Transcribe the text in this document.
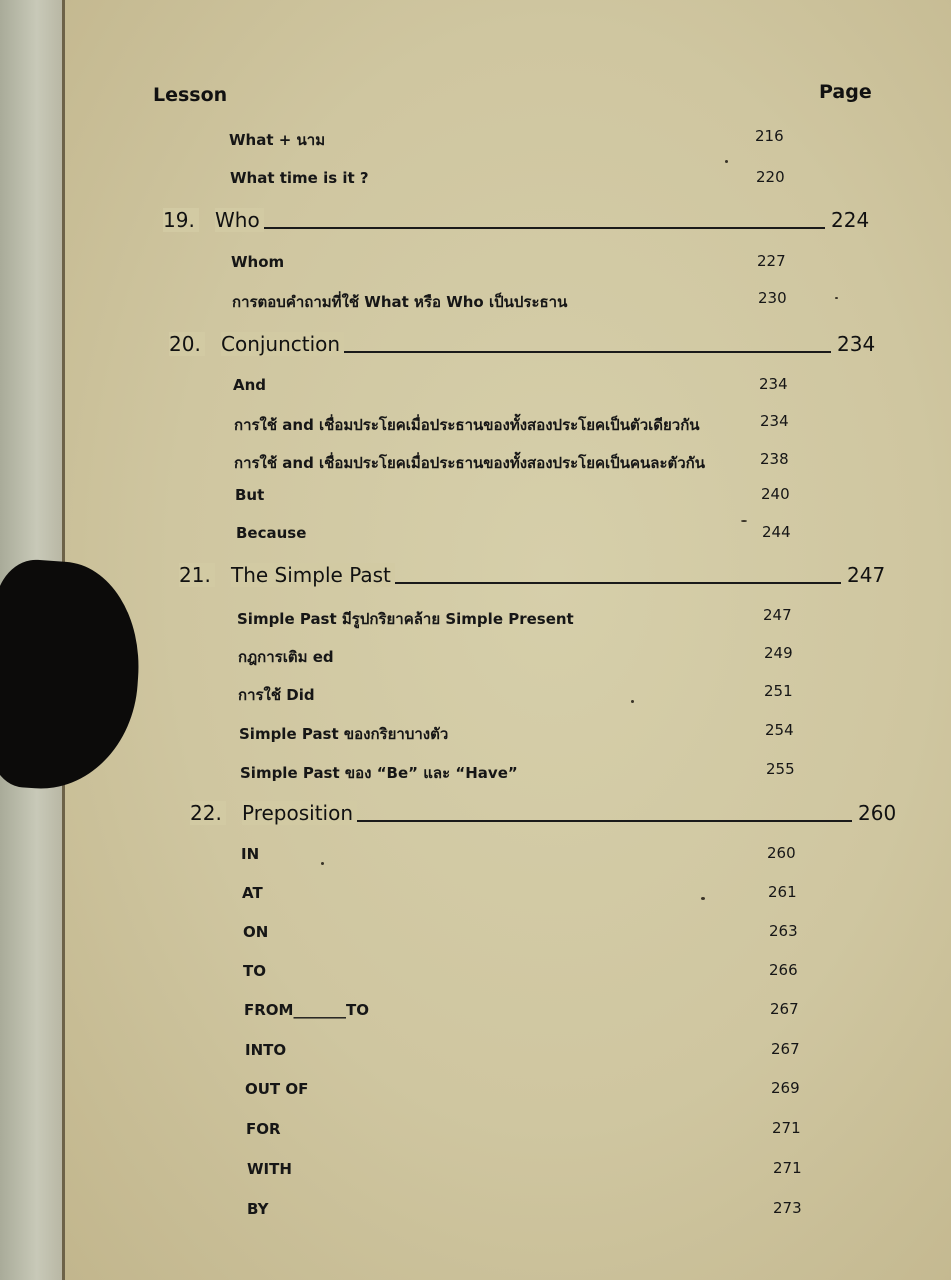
Lesson	Page
What + นาม	216
What time is it ?	220
19. Who	224
Whom	227
การตอบคำถามที่ใช้ What หรือ Who เป็นประธาน	230
20. Conjunction	234
And	234
การใช้ and เชื่อมประโยคเมื่อประธานของทั้งสองประโยคเป็นตัวเดียวกัน	234
การใช้ and เชื่อมประโยคเมื่อประธานของทั้งสองประโยคเป็นคนละตัวกัน	238
But	240
Because	244
21. The Simple Past	247
Simple Past มีรูปกริยาคล้าย Simple Present	247
กฎการเติม ed	249
การใช้ Did	251
Simple Past ของกริยาบางตัว	254
Simple Past ของ “Be” และ “Have”	255
22. Preposition	260
IN	260
AT	261
ON	263
TO	266
FROM_______TO	267
INTO	267
OUT OF	269
FOR	271
WITH	271
BY	273
